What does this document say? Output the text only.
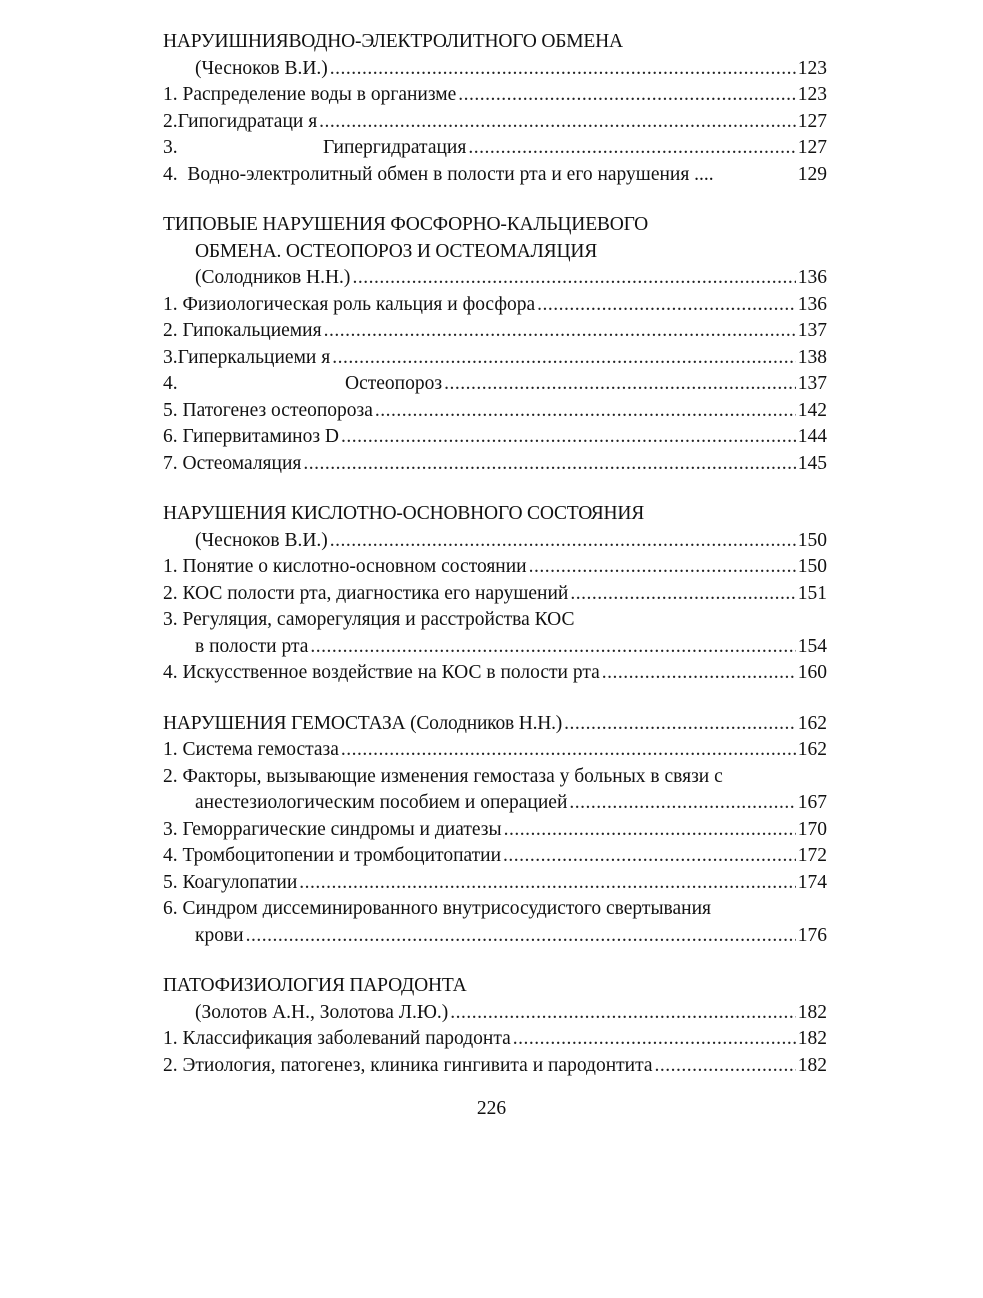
НАРУИШНИЯВОДНО-ЭЛЕКТРОЛИТНОГО ОБМЕНА
(Чесноков В.И.) .....	123
1. Распределение воды в организме .....	123
2.Гипогидратаци я .....	127
3.	Гипергидратация .....	127
4. Водно-электролитный обмен в полости рта и его нарушения ....	129
ТИПОВЫЕ НАРУШЕНИЯ ФОСФОРНО-КАЛЬЦИЕВОГО
ОБМЕНА. ОСТЕОПОРОЗ И ОСТЕОМАЛЯЦИЯ
(Солодников Н.Н.) .....	136
1. Физиологическая роль кальция и фосфора .....	136
2. Гипокальциемия .....	137
3.Гиперкальциеми я .....	138
4.	Остеопороз .....	137
5. Патогенез остеопороза .....	142
6. Гипервитаминоз D .....	144
7. Остеомаляция .....	145
НАРУШЕНИЯ КИСЛОТНО-ОСНОВНОГО СОСТОЯНИЯ
(Чесноков В.И.) .....	150
1. Понятие о кислотно-основном состоянии .....	150
2. КОС полости рта, диагностика его нарушений .....	151
3. Регуляция, саморегуляция и расстройства КОС
в полости рта .....	154
4. Искусственное воздействие на КОС в полости рта .....	160
НАРУШЕНИЯ ГЕМОСТАЗА (Солодников Н.Н.) .....	162
1. Система гемостаза .....	162
2. Факторы, вызывающие изменения гемостаза у больных в связи с
анестезиологическим пособием и операцией .....	167
3. Геморрагические синдромы и диатезы .....	170
4. Тромбоцитопении и тромбоцитопатии .....	172
5. Коагулопатии .....	174
6. Синдром диссеминированного внутрисосудистого свертывания
крови .....	176
ПАТОФИЗИОЛОГИЯ ПАРОДОНТА
(Золотов А.Н., Золотова Л.Ю.) .....	182
1. Классификация заболеваний пародонта .....	182
2. Этиология, патогенез, клиника гингивита и пародонтита .....	182
226
